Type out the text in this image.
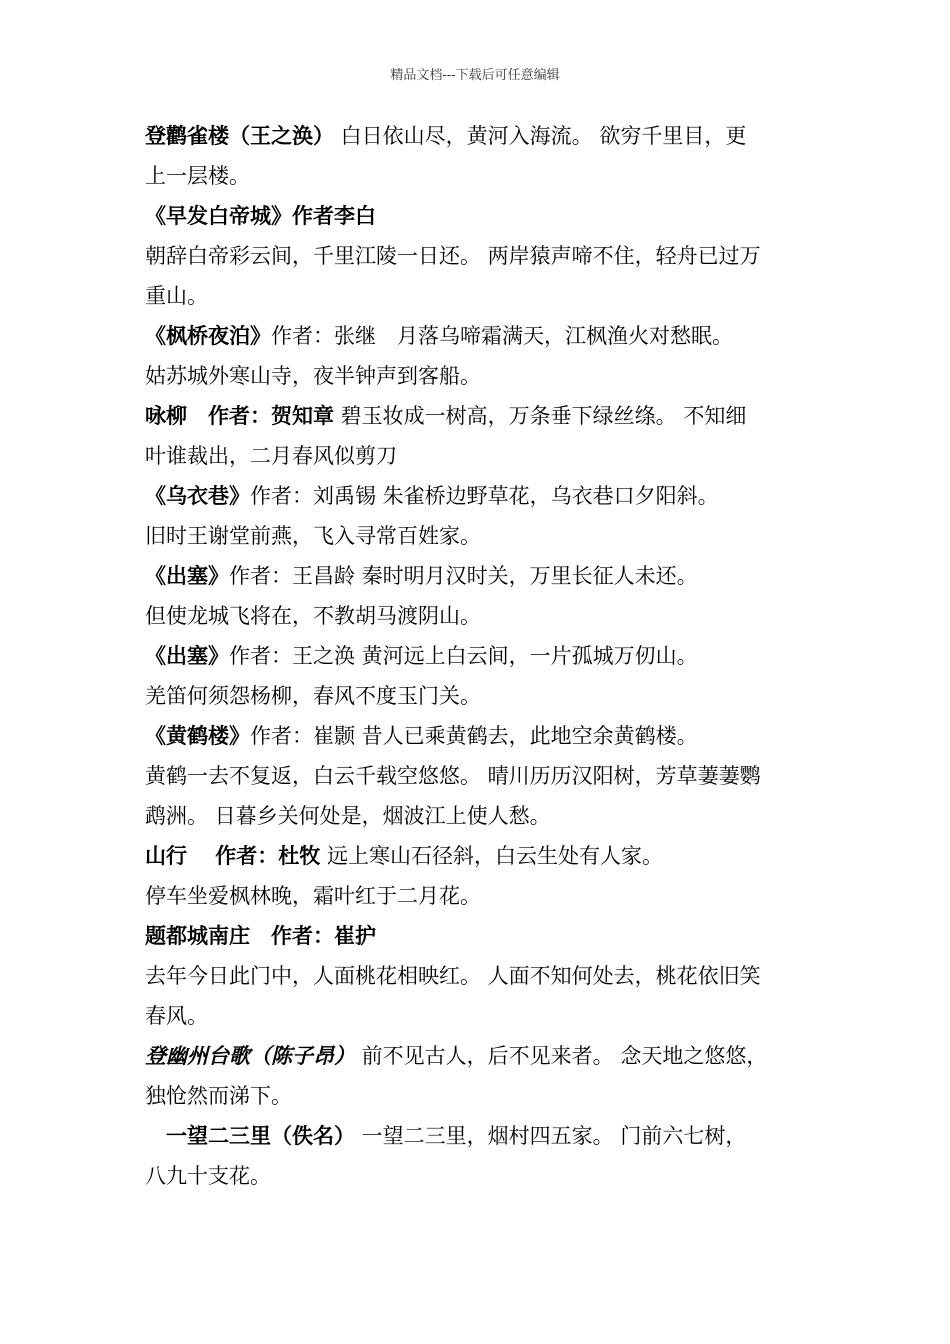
精品文档---下载后可任意编辑
登鹳雀楼（王之涣） 白日依山尽，黄河入海流。 欲穷千里目，更
上一层楼。
《早发白帝城》作者李白
朝辞白帝彩云间，千里江陵一日还。 两岸猿声啼不住，轻舟已过万
重山。
《枫桥夜泊》作者：张继　月落乌啼霜满天，江枫渔火对愁眠。
姑苏城外寒山寺，夜半钟声到客船。
咏柳　作者：贺知章 碧玉妆成一树高，万条垂下绿丝绦。 不知细
叶谁裁出，二月春风似剪刀
《乌衣巷》作者：刘禹锡 朱雀桥边野草花，乌衣巷口夕阳斜。
旧时王谢堂前燕，飞入寻常百姓家。
《出塞》作者：王昌龄 秦时明月汉时关，万里长征人未还。
但使龙城飞将在，不教胡马渡阴山。
《出塞》作者：王之涣 黄河远上白云间，一片孤城万仞山。
羌笛何须怨杨柳，春风不度玉门关。
《黄鹤楼》作者：崔颢 昔人已乘黄鹤去，此地空余黄鹤楼。
黄鹤一去不复返，白云千载空悠悠。 晴川历历汉阳树，芳草萋萋鹦
鹉洲。 日暮乡关何处是，烟波江上使人愁。
山行　 作者：杜牧 远上寒山石径斜，白云生处有人家。
停车坐爱枫林晚，霜叶红于二月花。
题都城南庄　作者：崔护
去年今日此门中，人面桃花相映红。 人面不知何处去，桃花依旧笑
春风。
登幽州台歌（陈子昂） 前不见古人，后不见来者。 念天地之悠悠，
独怆然而涕下。
　一望二三里（佚名） 一望二三里，烟村四五家。 门前六七树，
八九十支花。
